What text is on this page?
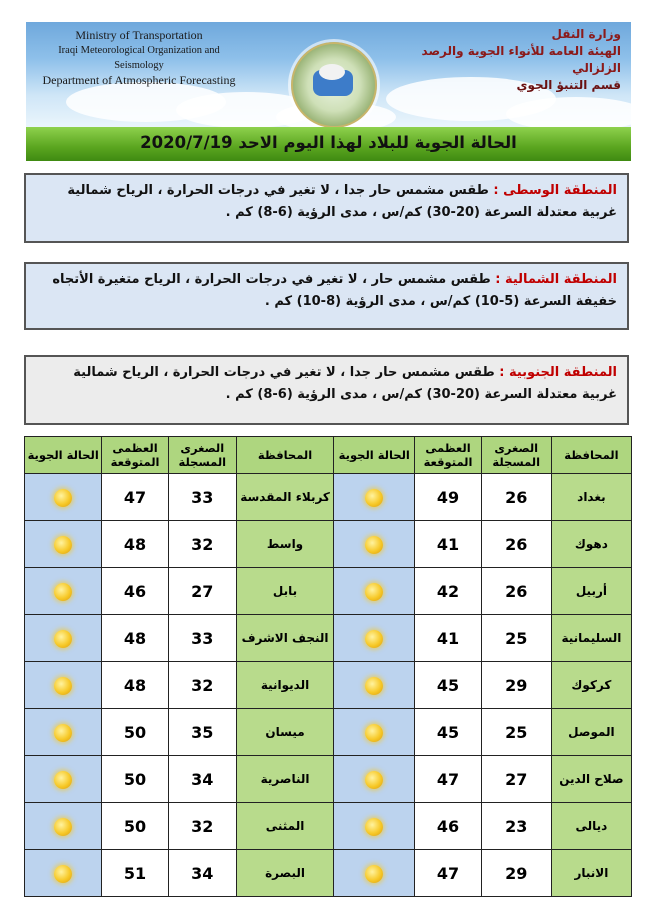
Ministry of Transportation
Iraqi Meteorological Organization and Seismology
Department of Atmospheric Forecasting
وزارة النقل
الهيئة العامة للأنواء الجوية والرصد الزلزالي
قسم التنبؤ الجوي
الحالة الجوية للبلاد لهذا اليوم الاحد 2020/7/19
المنطقة الوسطى : طقس مشمس حار جدا ، لا تغير في درجات الحرارة ، الرياح شمالية غربية معتدلة السرعة (20-30) كم/س ، مدى الرؤية (6-8) كم .
المنطقة الشمالية : طقس مشمس حار ، لا تغير في درجات الحرارة ، الرياح متغيرة الأتجاه خفيفة السرعة (5-10) كم/س ، مدى الرؤية (8-10) كم .
المنطقة الجنوبية : طقس مشمس حار جدا ، لا تغير في درجات الحرارة ، الرياح شمالية غربية معتدلة السرعة (20-30) كم/س ، مدى الرؤية (6-8) كم .
المحافظة	الصغرى المسجلة	العظمى المتوقعة	الحالة الجوية	المحافظة	الصغرى المسجلة	العظمى المتوقعة	الحالة الجوية
بغداد	26	49		كربلاء المقدسة	33	47	
دهوك	26	41		واسط	32	48	
أربيل	26	42		بابل	27	46	
السليمانية	25	41		النجف الاشرف	33	48	
كركوك	29	45		الديوانية	32	48	
الموصل	25	45		ميسان	35	50	
صلاح الدين	27	47		الناصرية	34	50	
ديالى	23	46		المثنى	32	50	
الانبار	29	47		البصرة	34	51	
